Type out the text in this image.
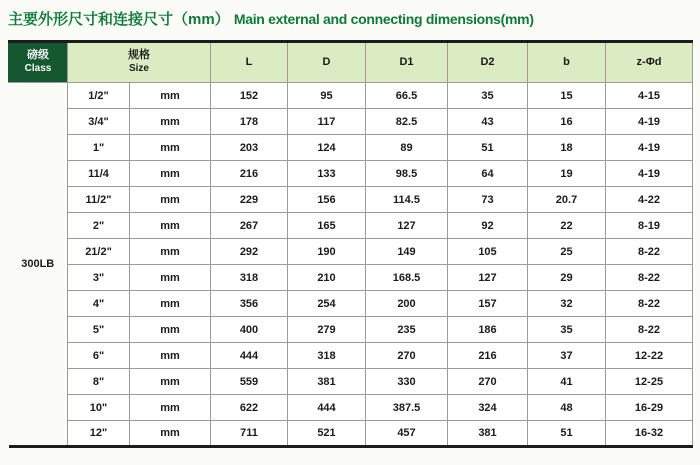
主要外形尺寸和连接尺寸（mm） Main external and connecting dimensions(mm)
磅级
Class

规格
Size
	L	D	D1	D2	b	z-Φd
300LB	1/2"	mm	152	95	66.5	35	15	4-15
	3/4"	mm	178	117	82.5	43	16	4-19
	1"	mm	203	124	89	51	18	4-19
	11/4	mm	216	133	98.5	64	19	4-19
	11/2"	mm	229	156	114.5	73	20.7	4-22
	2"	mm	267	165	127	92	22	8-19
	21/2"	mm	292	190	149	105	25	8-22
	3"	mm	318	210	168.5	127	29	8-22
	4"	mm	356	254	200	157	32	8-22
	5"	mm	400	279	235	186	35	8-22
	6"	mm	444	318	270	216	37	12-22
	8"	mm	559	381	330	270	41	12-25
	10"	mm	622	444	387.5	324	48	16-29
	12"	mm	711	521	457	381	51	16-32
